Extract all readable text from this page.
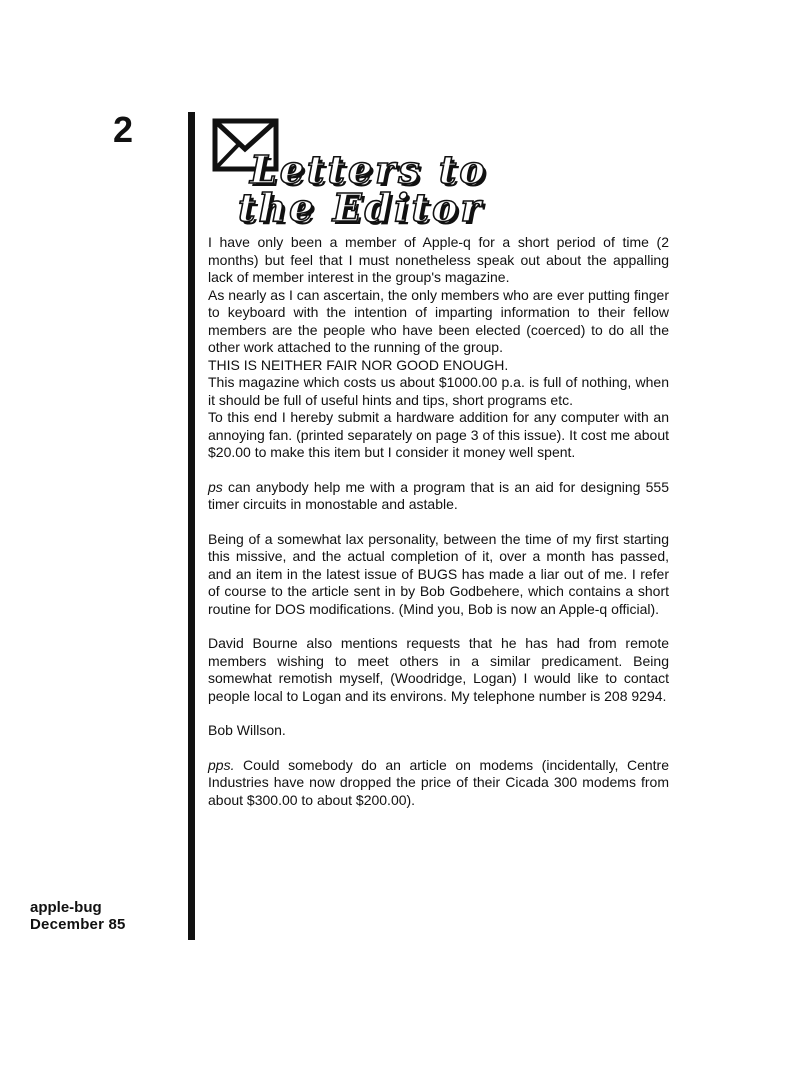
2
Letters to
the Editor

I have only been a member of Apple-q for a short period of time (2 months) but feel that I must nonetheless speak out about the appalling lack of member interest in the group's magazine.

As nearly as I can ascertain, the only members who are ever putting finger to keyboard with the intention of imparting information to their fellow members are the people who have been elected (coerced) to do all the other work attached to the running of the group.

THIS IS NEITHER FAIR NOR GOOD ENOUGH.

This magazine which costs us about $1000.00 p.a. is full of nothing, when it should be full of useful hints and tips, short programs etc.

To this end I hereby submit a hardware addition for any computer with an annoying fan. (printed separately on page 3 of this issue). It cost me about $20.00 to make this item but I consider it money well spent.

ps can anybody help me with a program that is an aid for designing 555 timer circuits in monostable and astable.

Being of a somewhat lax personality, between the time of my first starting this missive, and the actual completion of it, over a month has passed, and an item in the latest issue of BUGS has made a liar out of me. I refer of course to the article sent in by Bob Godbehere, which contains a short routine for DOS modifications. (Mind you, Bob is now an Apple-q official).

David Bourne also mentions requests that he has had from remote members wishing to meet others in a similar predicament. Being somewhat remotish myself, (Woodridge, Logan) I would like to contact people local to Logan and its environs. My telephone number is 208 9294.

Bob Willson.

pps. Could somebody do an article on modems (incidentally, Centre Industries have now dropped the price of their Cicada 300 modems from about $300.00 to about $200.00).

apple-bug
December 85
